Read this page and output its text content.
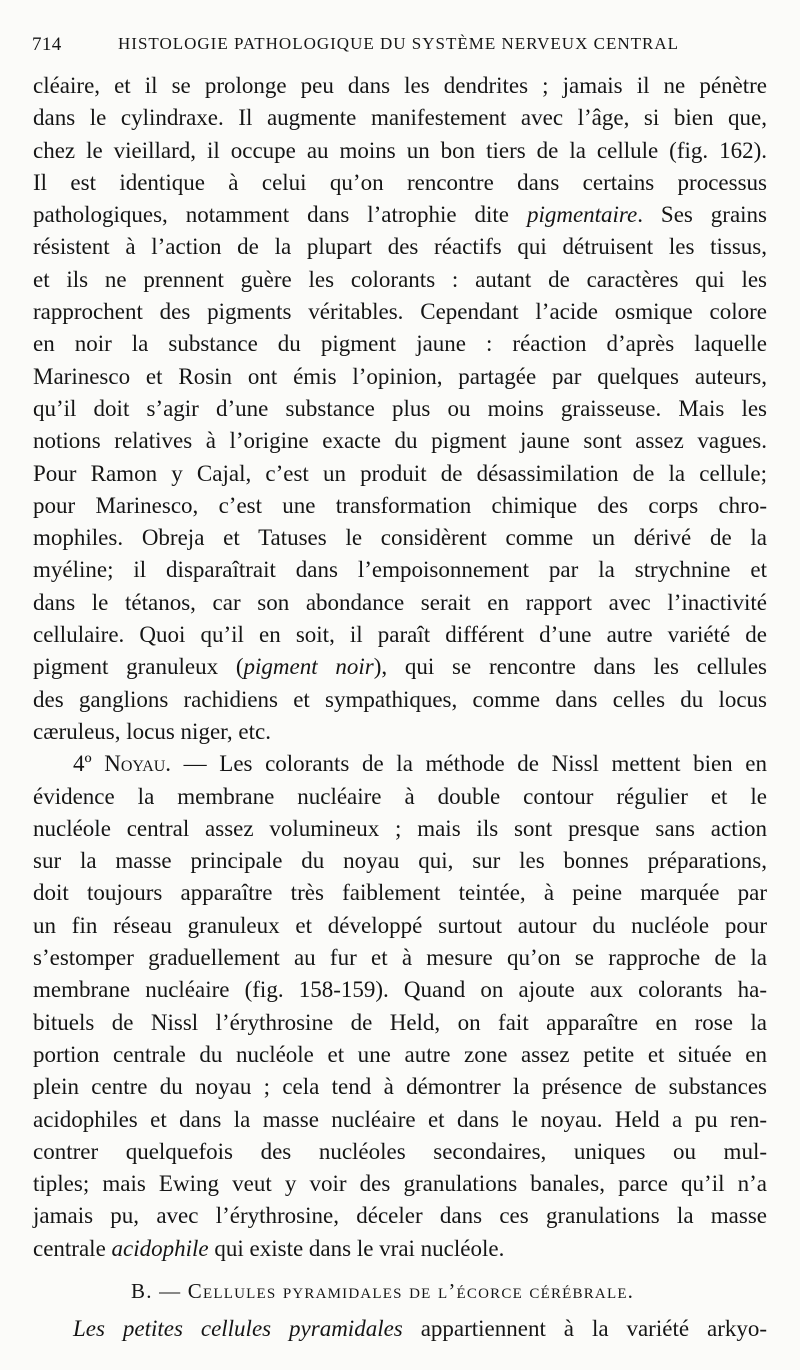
714	HISTOLOGIE PATHOLOGIQUE DU SYSTÈME NERVEUX CENTRAL
cléaire, et il se prolonge peu dans les dendrites ; jamais il ne pénètre
dans le cylindraxe. Il augmente manifestement avec l’âge, si bien que,
chez le vieillard, il occupe au moins un bon tiers de la cellule (fig. 162).
Il est identique à celui qu’on rencontre dans certains processus
pathologiques, notamment dans l’atrophie dite pigmentaire. Ses grains
résistent à l’action de la plupart des réactifs qui détruisent les tissus,
et ils ne prennent guère les colorants : autant de caractères qui les
rapprochent des pigments véritables. Cependant l’acide osmique colore
en noir la substance du pigment jaune : réaction d’après laquelle
Marinesco et Rosin ont émis l’opinion, partagée par quelques auteurs,
qu’il doit s’agir d’une substance plus ou moins graisseuse. Mais les
notions relatives à l’origine exacte du pigment jaune sont assez vagues.
Pour Ramon y Cajal, c’est un produit de désassimilation de la cellule;
pour Marinesco, c’est une transformation chimique des corps chro-
mophiles. Obreja et Tatuses le considèrent comme un dérivé de la
myéline; il disparaîtrait dans l’empoisonnement par la strychnine et
dans le tétanos, car son abondance serait en rapport avec l’inactivité
cellulaire. Quoi qu’il en soit, il paraît différent d’une autre variété de
pigment granuleux (pigment noir), qui se rencontre dans les cellules
des ganglions rachidiens et sympathiques, comme dans celles du locus
cæruleus, locus niger, etc.
4º Noyau. — Les colorants de la méthode de Nissl mettent bien en
évidence la membrane nucléaire à double contour régulier et le
nucléole central assez volumineux ; mais ils sont presque sans action
sur la masse principale du noyau qui, sur les bonnes préparations,
doit toujours apparaître très faiblement teintée, à peine marquée par
un fin réseau granuleux et développé surtout autour du nucléole pour
s’estomper graduellement au fur et à mesure qu’on se rapproche de la
membrane nucléaire (fig. 158-159). Quand on ajoute aux colorants ha-
bituels de Nissl l’érythrosine de Held, on fait apparaître en rose la
portion centrale du nucléole et une autre zone assez petite et située en
plein centre du noyau ; cela tend à démontrer la présence de substances
acidophiles et dans la masse nucléaire et dans le noyau. Held a pu ren-
contrer quelquefois des nucléoles secondaires, uniques ou mul-
tiples; mais Ewing veut y voir des granulations banales, parce qu’il n’a
jamais pu, avec l’érythrosine, déceler dans ces granulations la masse
centrale acidophile qui existe dans le vrai nucléole.
B. — Cellules pyramidales de l’écorce cérébrale.
Les petites cellules pyramidales appartiennent à la variété arkyo-
